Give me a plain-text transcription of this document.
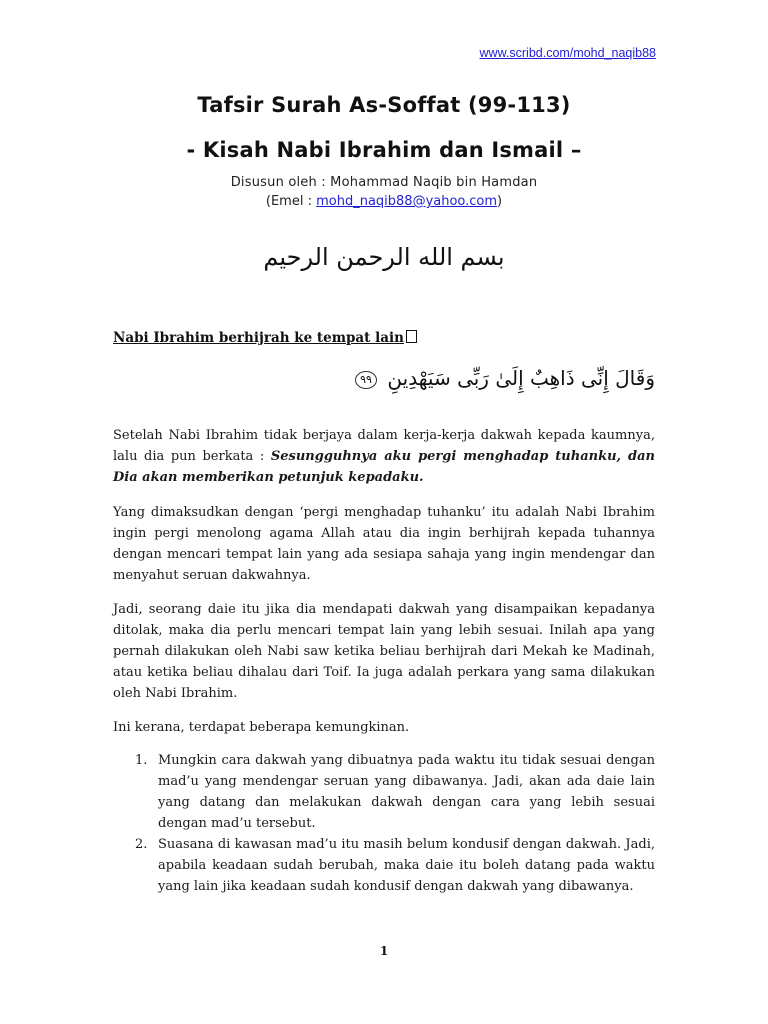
www.scribd.com/mohd_naqib88
Tafsir Surah As-Soffat (99-113)
- Kisah Nabi Ibrahim dan Ismail –
Disusun oleh : Mohammad Naqib bin Hamdan
(Emel : mohd_naqib88@yahoo.com)
بسم الله الرحمن الرحيم
Nabi Ibrahim berhijrah ke tempat lain
وَقَالَ إِنِّى ذَاهِبٌ إِلَىٰ رَبِّى سَيَهْدِينِ ٩٩

Setelah Nabi Ibrahim tidak berjaya dalam kerja-kerja dakwah kepada kaumnya, lalu dia pun berkata : Sesungguhnya aku pergi menghadap tuhanku, dan Dia akan memberikan petunjuk kepadaku.

Yang dimaksudkan dengan ‘pergi menghadap tuhanku’ itu adalah Nabi Ibrahim ingin pergi menolong agama Allah atau dia ingin berhijrah kepada tuhannya dengan mencari tempat lain yang ada sesiapa sahaja yang ingin mendengar dan menyahut seruan dakwahnya.

Jadi, seorang daie itu jika dia mendapati dakwah yang disampaikan kepadanya ditolak, maka dia perlu mencari tempat lain yang lebih sesuai. Inilah apa yang pernah dilakukan oleh Nabi saw ketika beliau berhijrah dari Mekah ke Madinah, atau ketika beliau dihalau dari Toif. Ia juga adalah perkara yang sama dilakukan oleh Nabi Ibrahim.

Ini kerana, terdapat beberapa kemungkinan.

1. Mungkin cara dakwah yang dibuatnya pada waktu itu tidak sesuai dengan mad’u yang mendengar seruan yang dibawanya. Jadi, akan ada daie lain yang datang dan melakukan dakwah dengan cara yang lebih sesuai dengan mad’u tersebut.
2. Suasana di kawasan mad’u itu masih belum kondusif dengan dakwah. Jadi, apabila keadaan sudah berubah, maka daie itu boleh datang pada waktu yang lain jika keadaan sudah kondusif dengan dakwah yang dibawanya.
1
